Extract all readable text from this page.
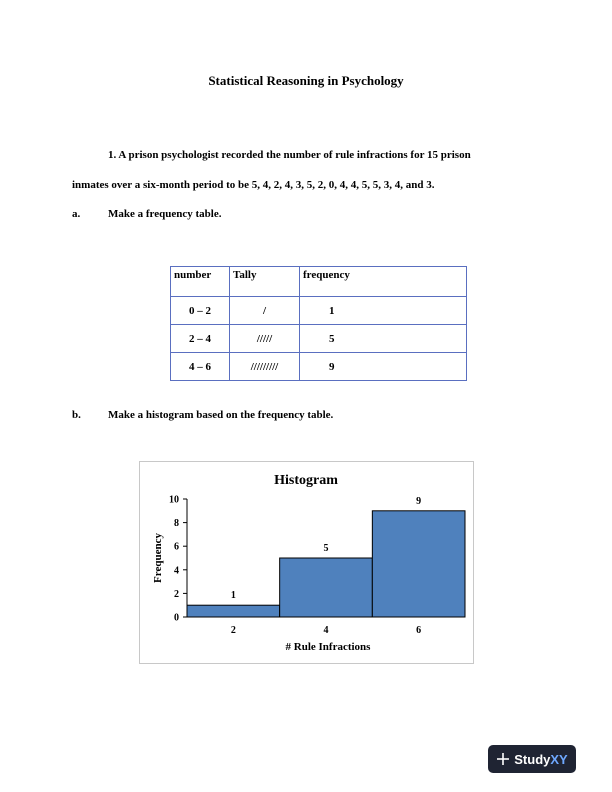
Statistical Reasoning in Psychology
1. A prison psychologist recorded the number of rule infractions for 15 prison
inmates over a six-month period to be 5, 4, 2, 4, 3, 5, 2, 0, 4, 4, 5, 5, 3, 4, and 3.
a.	Make a frequency table.
number	Tally	frequency
0 – 2	/	1
2 – 4	/////	5
4 – 6	/////////	9
b. Make a histogram based on the frequency table.
Histogram
1
5
9
0
2
4
6
8
10
2	4	6
# Rule Infractions
Frequency
StudyXY
